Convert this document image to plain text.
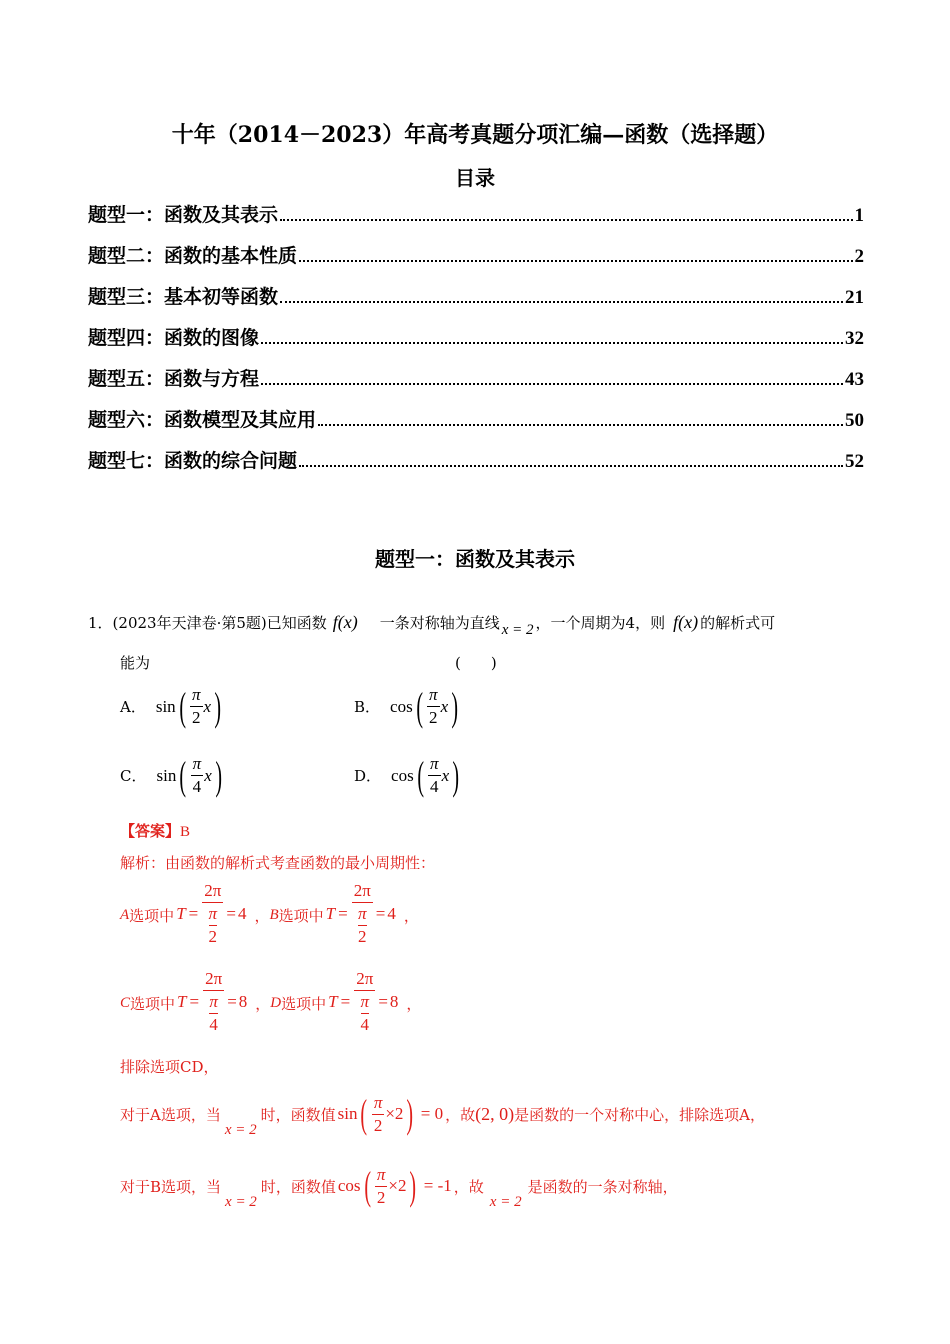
十年（2014－2023）年高考真题分项汇编—函数（选择题）
目录
题型一：函数及其表示	1
题型二：函数的基本性质	2
题型三：基本初等函数	21
题型四：函数的图像	32
题型五：函数与方程	43
题型六：函数模型及其应用	50
题型七：函数的综合问题	52
题型一：函数及其表示
1．(2023年天津卷·第5题)已知函数 f(x) 一条对称轴为直线 x = 2 ，一个周期为4，则 f(x) 的解析式可
能为	(　　)
A． sin ( $\frac{\pi}{2}$ x )	B． cos ( $\frac{\pi}{2}$ x )
C． sin ( $\frac{\pi}{4}$ x )	D． cos ( $\frac{\pi}{4}$ x )
【答案】B
解析：由函数的解析式考查函数的最小周期性：
A 选项中 T = 2π
π
2 = 4 ， B 选项中 T = 2π
π
2 = 4 ，
C 选项中 T = 2π
π
4 = 8 ， D 选项中 T = 2π
π
4 = 8 ，
排除选项CD，
对于A选项，当
x = 2
时，函数值 sin ( $\frac{\pi}{2} \times 2$ ) = 0 ，故 (2, 0) 是函数的一个对称中心，排除选项A，
对于B选项，当
x = 2
时，函数值 cos ( $\frac{\pi}{2} \times 2$ ) = -1 ，故
x = 2
是函数的一条对称轴，
